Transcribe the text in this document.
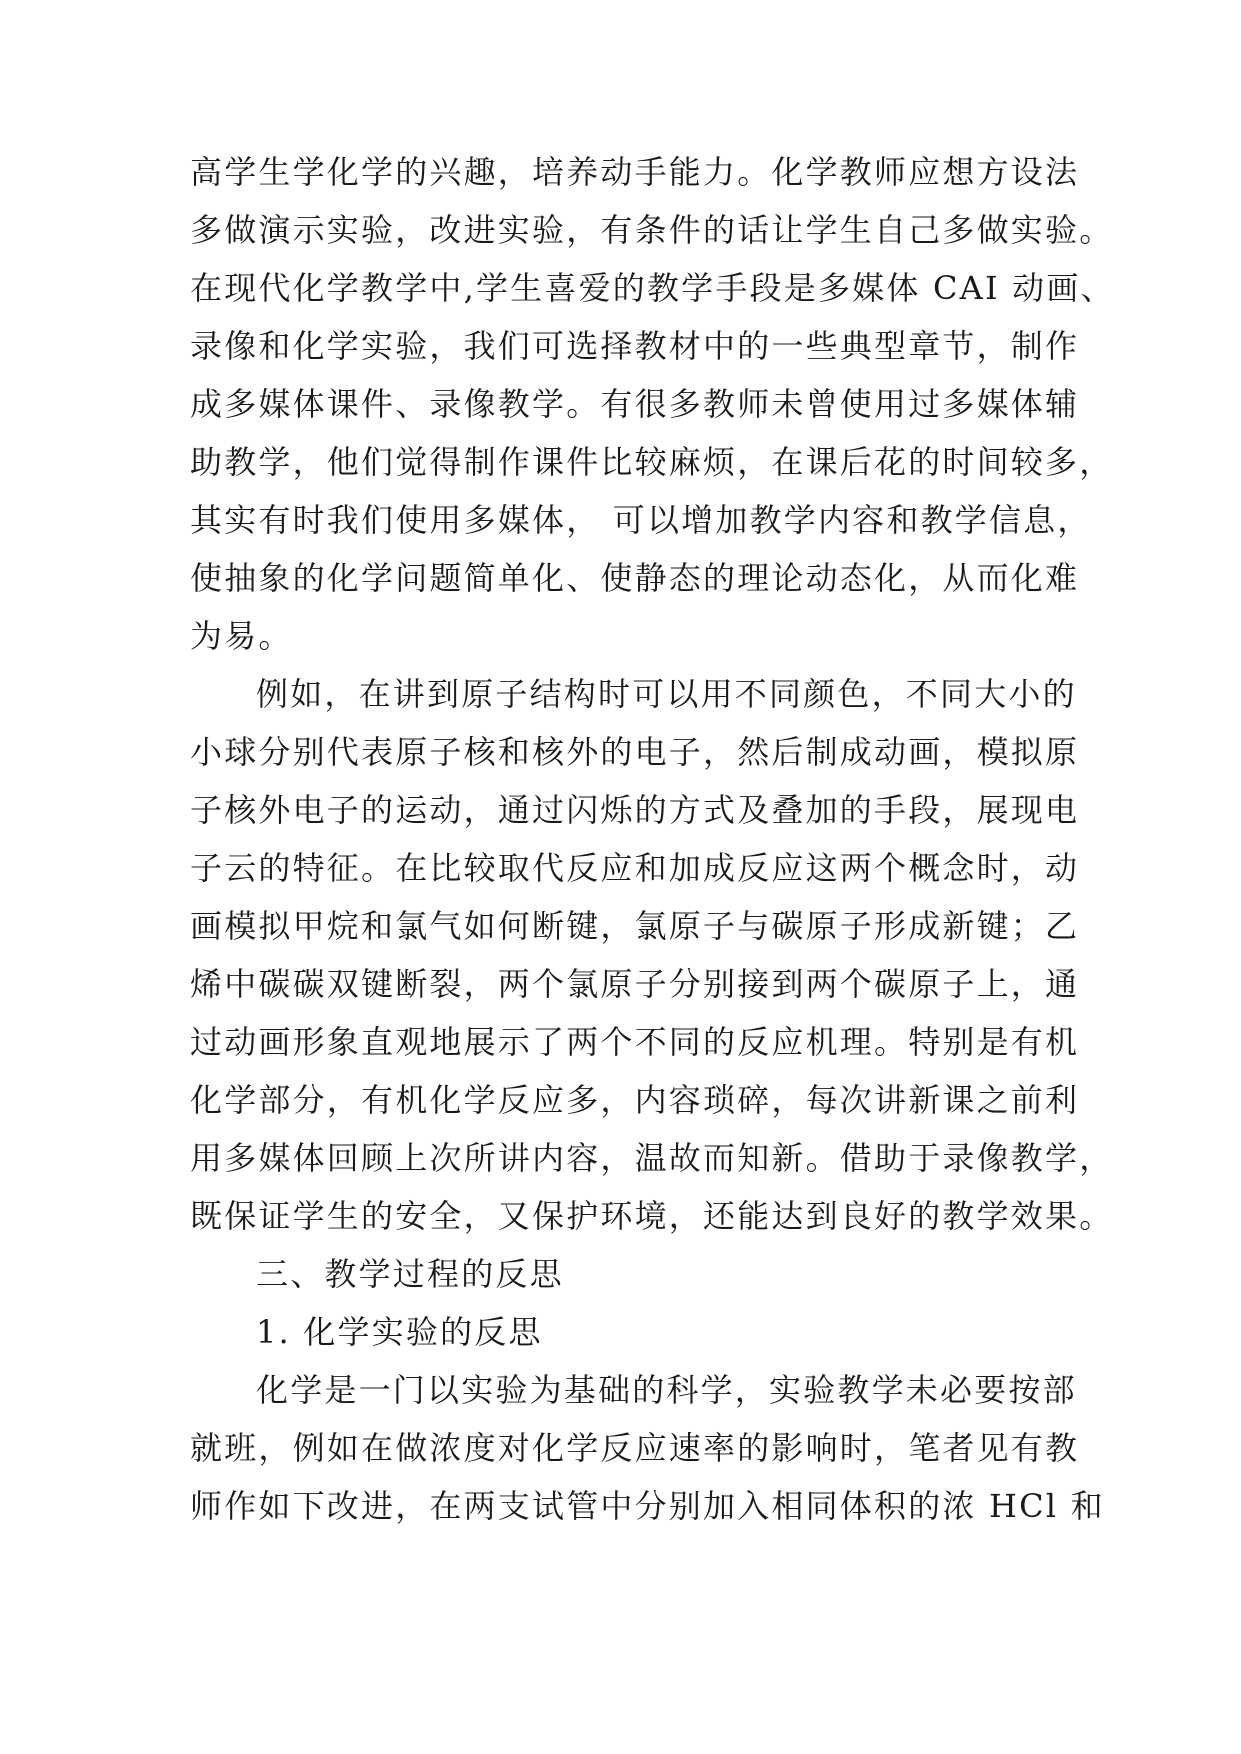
高学生学化学的兴趣，培养动手能力。化学教师应想方设法
多做演示实验，改进实验，有条件的话让学生自己多做实验。
在现代化学教学中,学生喜爱的教学手段是多媒体 CAI 动画、
录像和化学实验，我们可选择教材中的一些典型章节，制作
成多媒体课件、录像教学。有很多教师未曾使用过多媒体辅
助教学，他们觉得制作课件比较麻烦，在课后花的时间较多，
其实有时我们使用多媒体， 可以增加教学内容和教学信息，
使抽象的化学问题简单化、使静态的理论动态化，从而化难
为易。
例如，在讲到原子结构时可以用不同颜色，不同大小的
小球分别代表原子核和核外的电子，然后制成动画，模拟原
子核外电子的运动，通过闪烁的方式及叠加的手段，展现电
子云的特征。在比较取代反应和加成反应这两个概念时，动
画模拟甲烷和氯气如何断键，氯原子与碳原子形成新键；乙
烯中碳碳双键断裂，两个氯原子分别接到两个碳原子上，通
过动画形象直观地展示了两个不同的反应机理。特别是有机
化学部分，有机化学反应多，内容琐碎，每次讲新课之前利
用多媒体回顾上次所讲内容，温故而知新。借助于录像教学，
既保证学生的安全，又保护环境，还能达到良好的教学效果。
三、教学过程的反思
1. 化学实验的反思
化学是一门以实验为基础的科学，实验教学未必要按部
就班，例如在做浓度对化学反应速率的影响时，笔者见有教
师作如下改进，在两支试管中分别加入相同体积的浓 HCl 和
